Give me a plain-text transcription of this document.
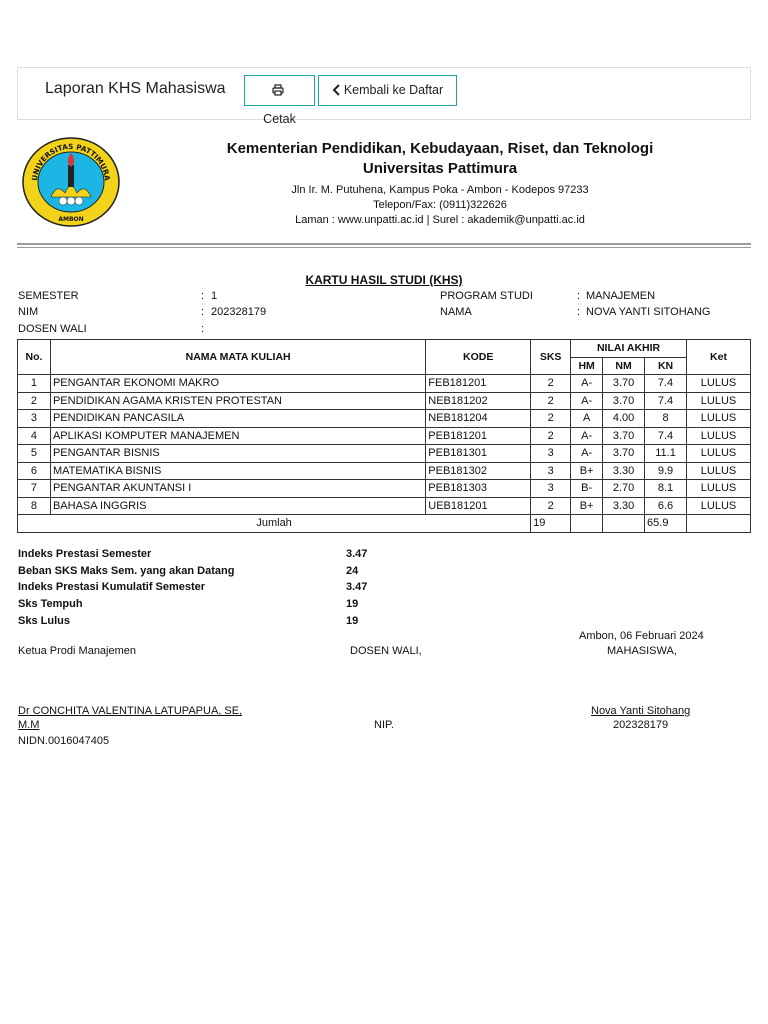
Laporan KHS Mahasiswa
Cetak
Kembali ke Daftar
UNIVERSITAS PATTIMURA
AMBON
Kementerian Pendidikan, Kebudayaan, Riset, dan Teknologi
Universitas Pattimura
Jln Ir. M. Putuhena, Kampus Poka - Ambon - Kodepos 97233
Telepon/Fax: (0911)322626
Laman : www.unpatti.ac.id | Surel : akademik@unpatti.ac.id
KARTU HASIL STUDI (KHS)
SEMESTER	: 1
NIM	: 202328179
DOSEN WALI	:
PROGRAM STUDI	: MANAJEMEN
NAMA	: NOVA YANTI SITOHANG
No.	NAMA MATA KULIAH	KODE	SKS	NILAI AKHIR			Ket
				HM	NM	KN	
1	PENGANTAR EKONOMI MAKRO	FEB181201	2	A-	3.70	7.4	LULUS
2	PENDIDIKAN AGAMA KRISTEN PROTESTAN	NEB181202	2	A-	3.70	7.4	LULUS
3	PENDIDIKAN PANCASILA	NEB181204	2	A	4.00	8	LULUS
4	APLIKASI KOMPUTER MANAJEMEN	PEB181201	2	A-	3.70	7.4	LULUS
5	PENGANTAR BISNIS	PEB181301	3	A-	3.70	11.1	LULUS
6	MATEMATIKA BISNIS	PEB181302	3	B+	3.30	9.9	LULUS
7	PENGANTAR AKUNTANSI I	PEB181303	3	B-	2.70	8.1	LULUS
8	BAHASA INGGRIS	UEB181201	2	B+	3.30	6.6	LULUS
Jumlah			19			65.9	
Indeks Prestasi Semester	3.47
Beban SKS Maks Sem. yang akan Datang	24
Indeks Prestasi Kumulatif Semester	3.47
Sks Tempuh	19
Sks Lulus	19
Ambon, 06 Februari 2024
Ketua Prodi Manajemen	DOSEN WALI,	MAHASISWA,
Dr CONCHITA VALENTINA LATUPAPUA, SE,
M.M
NIDN.0016047405
NIP.
Nova Yanti Sitohang
202328179
